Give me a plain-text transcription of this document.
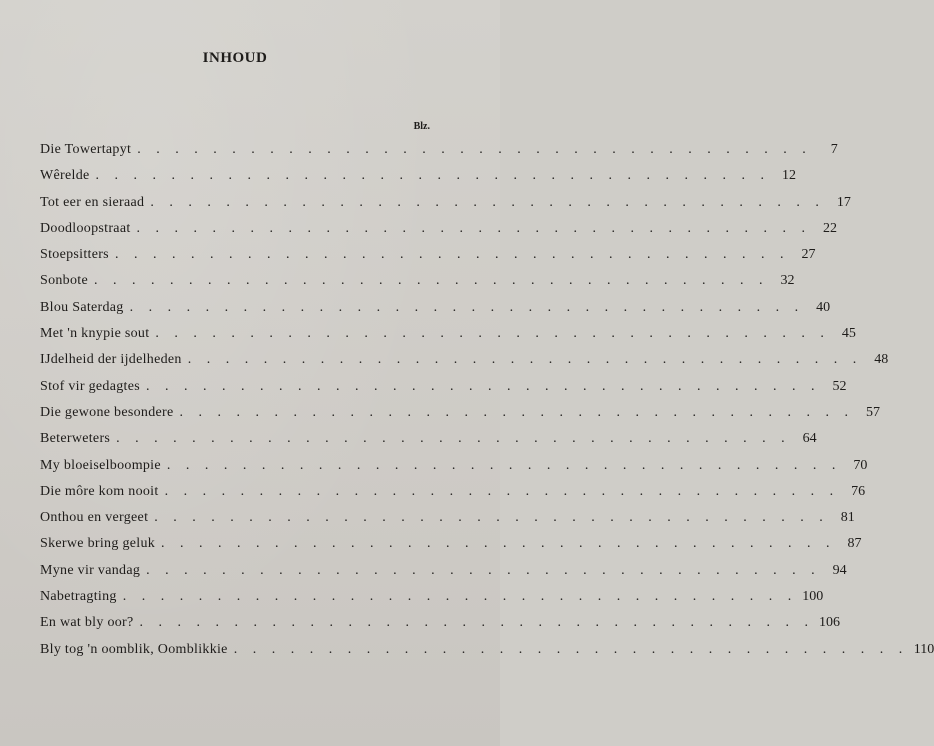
INHOUD
Blz.
Die Towertapyt . . . . . . . . . . . . . . . . . . . . . . . . . . . . . . . . . . . .	7
Wêrelde . . . . . . . . . . . . . . . . . . . . . . . . . . . . . . . . . . . . 12
Tot eer en sieraad . . . . . . . . . . . . . . . . . . . . . . . . . . . . . . . . . . . . 17
Doodloopstraat . . . . . . . . . . . . . . . . . . . . . . . . . . . . . . . . . . . . 22
Stoepsitters . . . . . . . . . . . . . . . . . . . . . . . . . . . . . . . . . . . . 27
Sonbote . . . . . . . . . . . . . . . . . . . . . . . . . . . . . . . . . . . . 32
Blou Saterdag . . . . . . . . . . . . . . . . . . . . . . . . . . . . . . . . . . . . 40
Met 'n knypie sout . . . . . . . . . . . . . . . . . . . . . . . . . . . . . . . . . . . . 45
IJdelheid der ijdelheden . . . . . . . . . . . . . . . . . . . . . . . . . . . . . . . . . . . . 48
Stof vir gedagtes . . . . . . . . . . . . . . . . . . . . . . . . . . . . . . . . . . . . 52
Die gewone besondere . . . . . . . . . . . . . . . . . . . . . . . . . . . . . . . . . . . . 57
Beterweters . . . . . . . . . . . . . . . . . . . . . . . . . . . . . . . . . . . . 64
My bloeiselboompie . . . . . . . . . . . . . . . . . . . . . . . . . . . . . . . . . . . . 70
Die môre kom nooit . . . . . . . . . . . . . . . . . . . . . . . . . . . . . . . . . . . . 76
Onthou en vergeet . . . . . . . . . . . . . . . . . . . . . . . . . . . . . . . . . . . . 81
Skerwe bring geluk . . . . . . . . . . . . . . . . . . . . . . . . . . . . . . . . . . . . 87
Myne vir vandag . . . . . . . . . . . . . . . . . . . . . . . . . . . . . . . . . . . . 94
Nabetragting . . . . . . . . . . . . . . . . . . . . . . . . . . . . . . . . . . . . 100
En wat bly oor? . . . . . . . . . . . . . . . . . . . . . . . . . . . . . . . . . . . . 106
Bly tog 'n oomblik, Oomblikkie . . . . . . . . . . . . . . . . . . . . . . . . . . . . . . . . . . . . 110
